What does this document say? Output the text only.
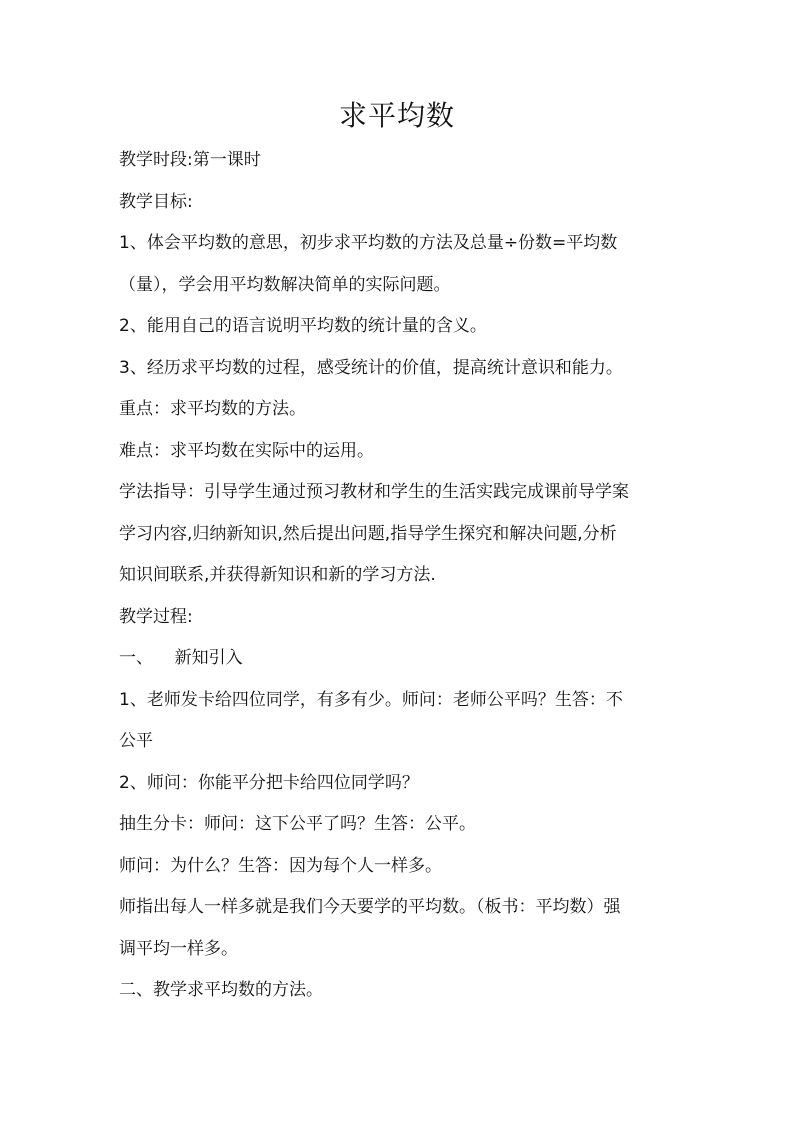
求平均数
教学时段:第一课时
教学目标:
1、体会平均数的意思，初步求平均数的方法及总量÷份数=平均数
（量），学会用平均数解决简单的实际问题。
2、能用自己的语言说明平均数的统计量的含义。
3、经历求平均数的过程，感受统计的价值，提高统计意识和能力。
重点：求平均数的方法。
难点：求平均数在实际中的运用。
学法指导：引导学生通过预习教材和学生的生活实践完成课前导学案
学习内容,归纳新知识,然后提出问题,指导学生探究和解决问题,分析
知识间联系,并获得新知识和新的学习方法.
教学过程:
一、    新知引入
1、老师发卡给四位同学，有多有少。师问：老师公平吗？生答：不
公平
2、师问：你能平分把卡给四位同学吗？
抽生分卡：师问：这下公平了吗？生答：公平。
师问：为什么？生答：因为每个人一样多。
师指出每人一样多就是我们今天要学的平均数。（板书：平均数）强
调平均一样多。
二、教学求平均数的方法。
